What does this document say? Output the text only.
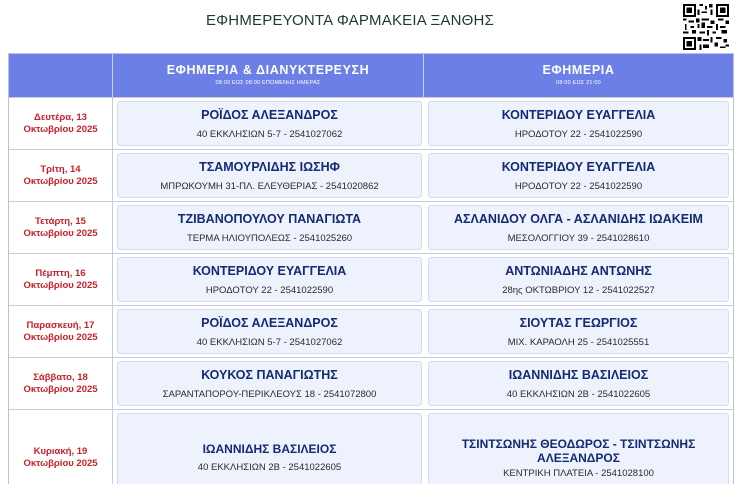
ΕΦΗΜΕΡΕΥΟΝΤΑ ΦΑΡΜΑΚΕΙΑ ΞΑΝΘΗΣ
ΕΦΗΜΕΡΙΑ & ΔΙΑΝΥΚΤΕΡΕΥΣΗ
08:00 ΕΩΣ 08:00 ΕΠΟΜΕΝΗΣ ΗΜΕΡΑΣ
ΕΦΗΜΕΡΙΑ
08:00 ΕΩΣ 21:00
Δευτέρα, 13
Οκτωβρίου 2025
ΡΟΪΔΟΣ ΑΛΕΞΑΝΔΡΟΣ
40 ΕΚΚΛΗΣΙΩΝ 5-7 - 2541027062
ΚΟΝΤΕΡΙΔΟΥ ΕΥΑΓΓΕΛΙΑ
ΗΡΟΔΟΤΟΥ 22 - 2541022590
Τρίτη, 14
Οκτωβρίου 2025
ΤΣΑΜΟΥΡΛΙΔΗΣ ΙΩΣΗΦ
ΜΠΡΩΚΟΥΜΗ 31-ΠΛ. ΕΛΕΥΘΕΡΙΑΣ - 2541020862
ΚΟΝΤΕΡΙΔΟΥ ΕΥΑΓΓΕΛΙΑ
ΗΡΟΔΟΤΟΥ 22 - 2541022590
Τετάρτη, 15
Οκτωβρίου 2025
ΤΖΙΒΑΝΟΠΟΥΛΟΥ ΠΑΝΑΓΙΩΤΑ
ΤΕΡΜΑ ΗΛΙΟΥΠΟΛΕΩΣ - 2541025260
ΑΣΛΑΝΙΔΟΥ ΟΛΓΑ - ΑΣΛΑΝΙΔΗΣ ΙΩΑΚΕΙΜ
ΜΕΣΟΛΟΓΓΙΟΥ 39 - 2541028610
Πέμπτη, 16
Οκτωβρίου 2025
ΚΟΝΤΕΡΙΔΟΥ ΕΥΑΓΓΕΛΙΑ
ΗΡΟΔΟΤΟΥ 22 - 2541022590
ΑΝΤΩΝΙΑΔΗΣ ΑΝΤΩΝΗΣ
28ης ΟΚΤΩΒΡΙΟΥ 12 - 2541022527
Παρασκευή, 17
Οκτωβρίου 2025
ΡΟΪΔΟΣ ΑΛΕΞΑΝΔΡΟΣ
40 ΕΚΚΛΗΣΙΩΝ 5-7 - 2541027062
ΣΙΟΥΤΑΣ ΓΕΩΡΓΙΟΣ
ΜΙΧ. ΚΑΡΑΟΛΗ 25 - 2541025551
Σάββατο, 18
Οκτωβρίου 2025
ΚΟΥΚΟΣ ΠΑΝΑΓΙΩΤΗΣ
ΣΑΡΑΝΤΑΠΟΡΟΥ-ΠΕΡΙΚΛΕΟΥΣ 18 - 2541072800
ΙΩΑΝΝΙΔΗΣ ΒΑΣΙΛΕΙΟΣ
40 ΕΚΚΛΗΣΙΩΝ 2Β - 2541022605
Κυριακή, 19
Οκτωβρίου 2025
ΙΩΑΝΝΙΔΗΣ ΒΑΣΙΛΕΙΟΣ
40 ΕΚΚΛΗΣΙΩΝ 2Β - 2541022605
ΤΣΙΝΤΣΩΝΗΣ ΘΕΟΔΩΡΟΣ - ΤΣΙΝΤΣΩΝΗΣ ΑΛΕΞΑΝΔΡΟΣ
ΚΕΝΤΡΙΚΗ ΠΛΑΤΕΙΑ - 2541028100
